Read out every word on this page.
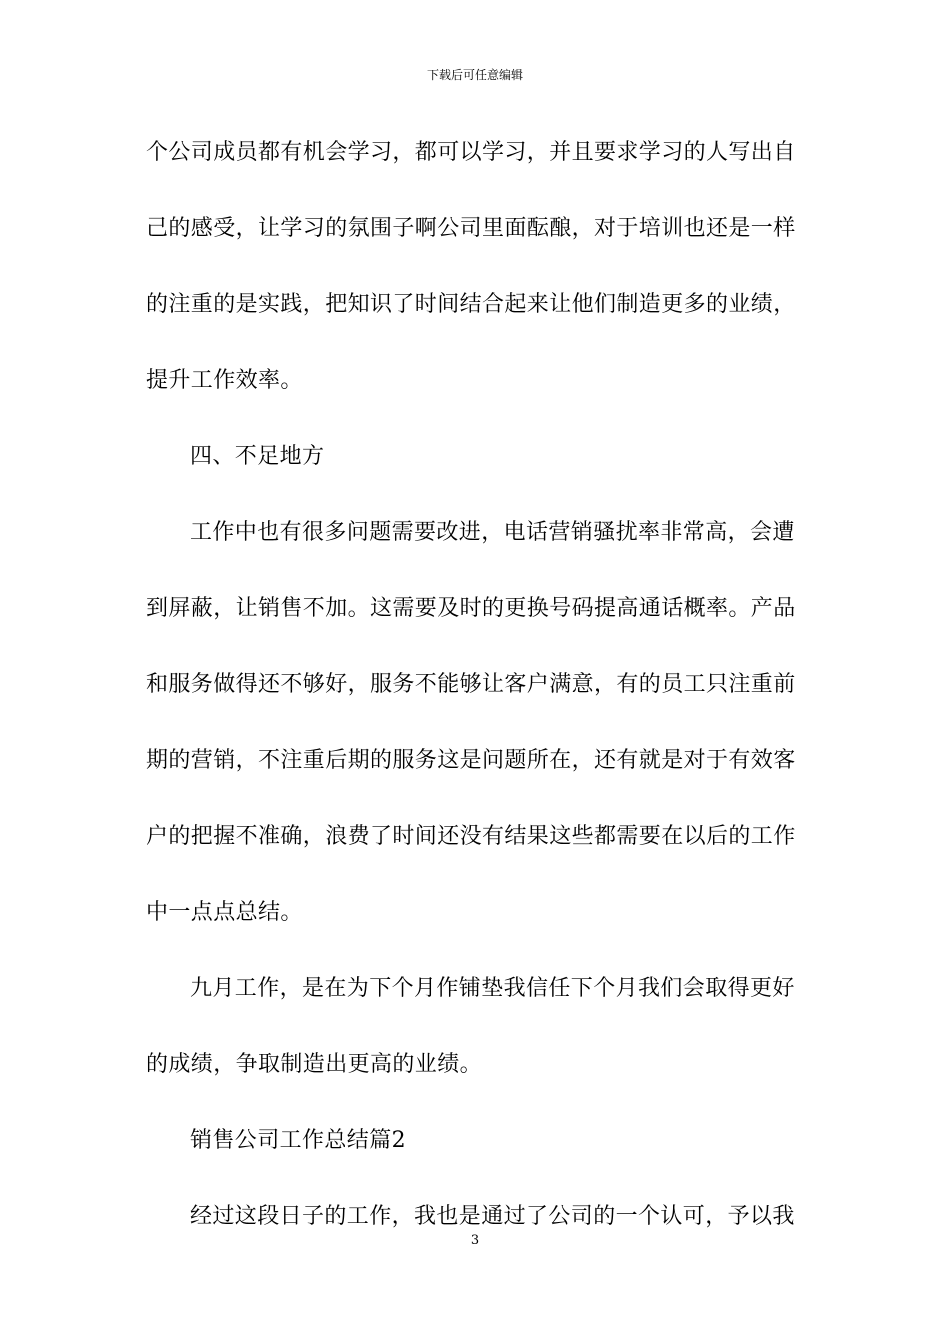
下载后可任意编辑
个公司成员都有机会学习，都可以学习，并且要求学习的人写出自
己的感受，让学习的氛围子啊公司里面酝酿，对于培训也还是一样
的注重的是实践，把知识了时间结合起来让他们制造更多的业绩，
提升工作效率。
四、不足地方
工作中也有很多问题需要改进，电话营销骚扰率非常高，会遭
到屏蔽，让销售不加。这需要及时的更换号码提高通话概率。产品
和服务做得还不够好，服务不能够让客户满意，有的员工只注重前
期的营销，不注重后期的服务这是问题所在，还有就是对于有效客
户的把握不准确，浪费了时间还没有结果这些都需要在以后的工作
中一点点总结。
九月工作，是在为下个月作铺垫我信任下个月我们会取得更好
的成绩，争取制造出更高的业绩。
销售公司工作总结篇2
经过这段日子的工作，我也是通过了公司的一个认可，予以我
3
